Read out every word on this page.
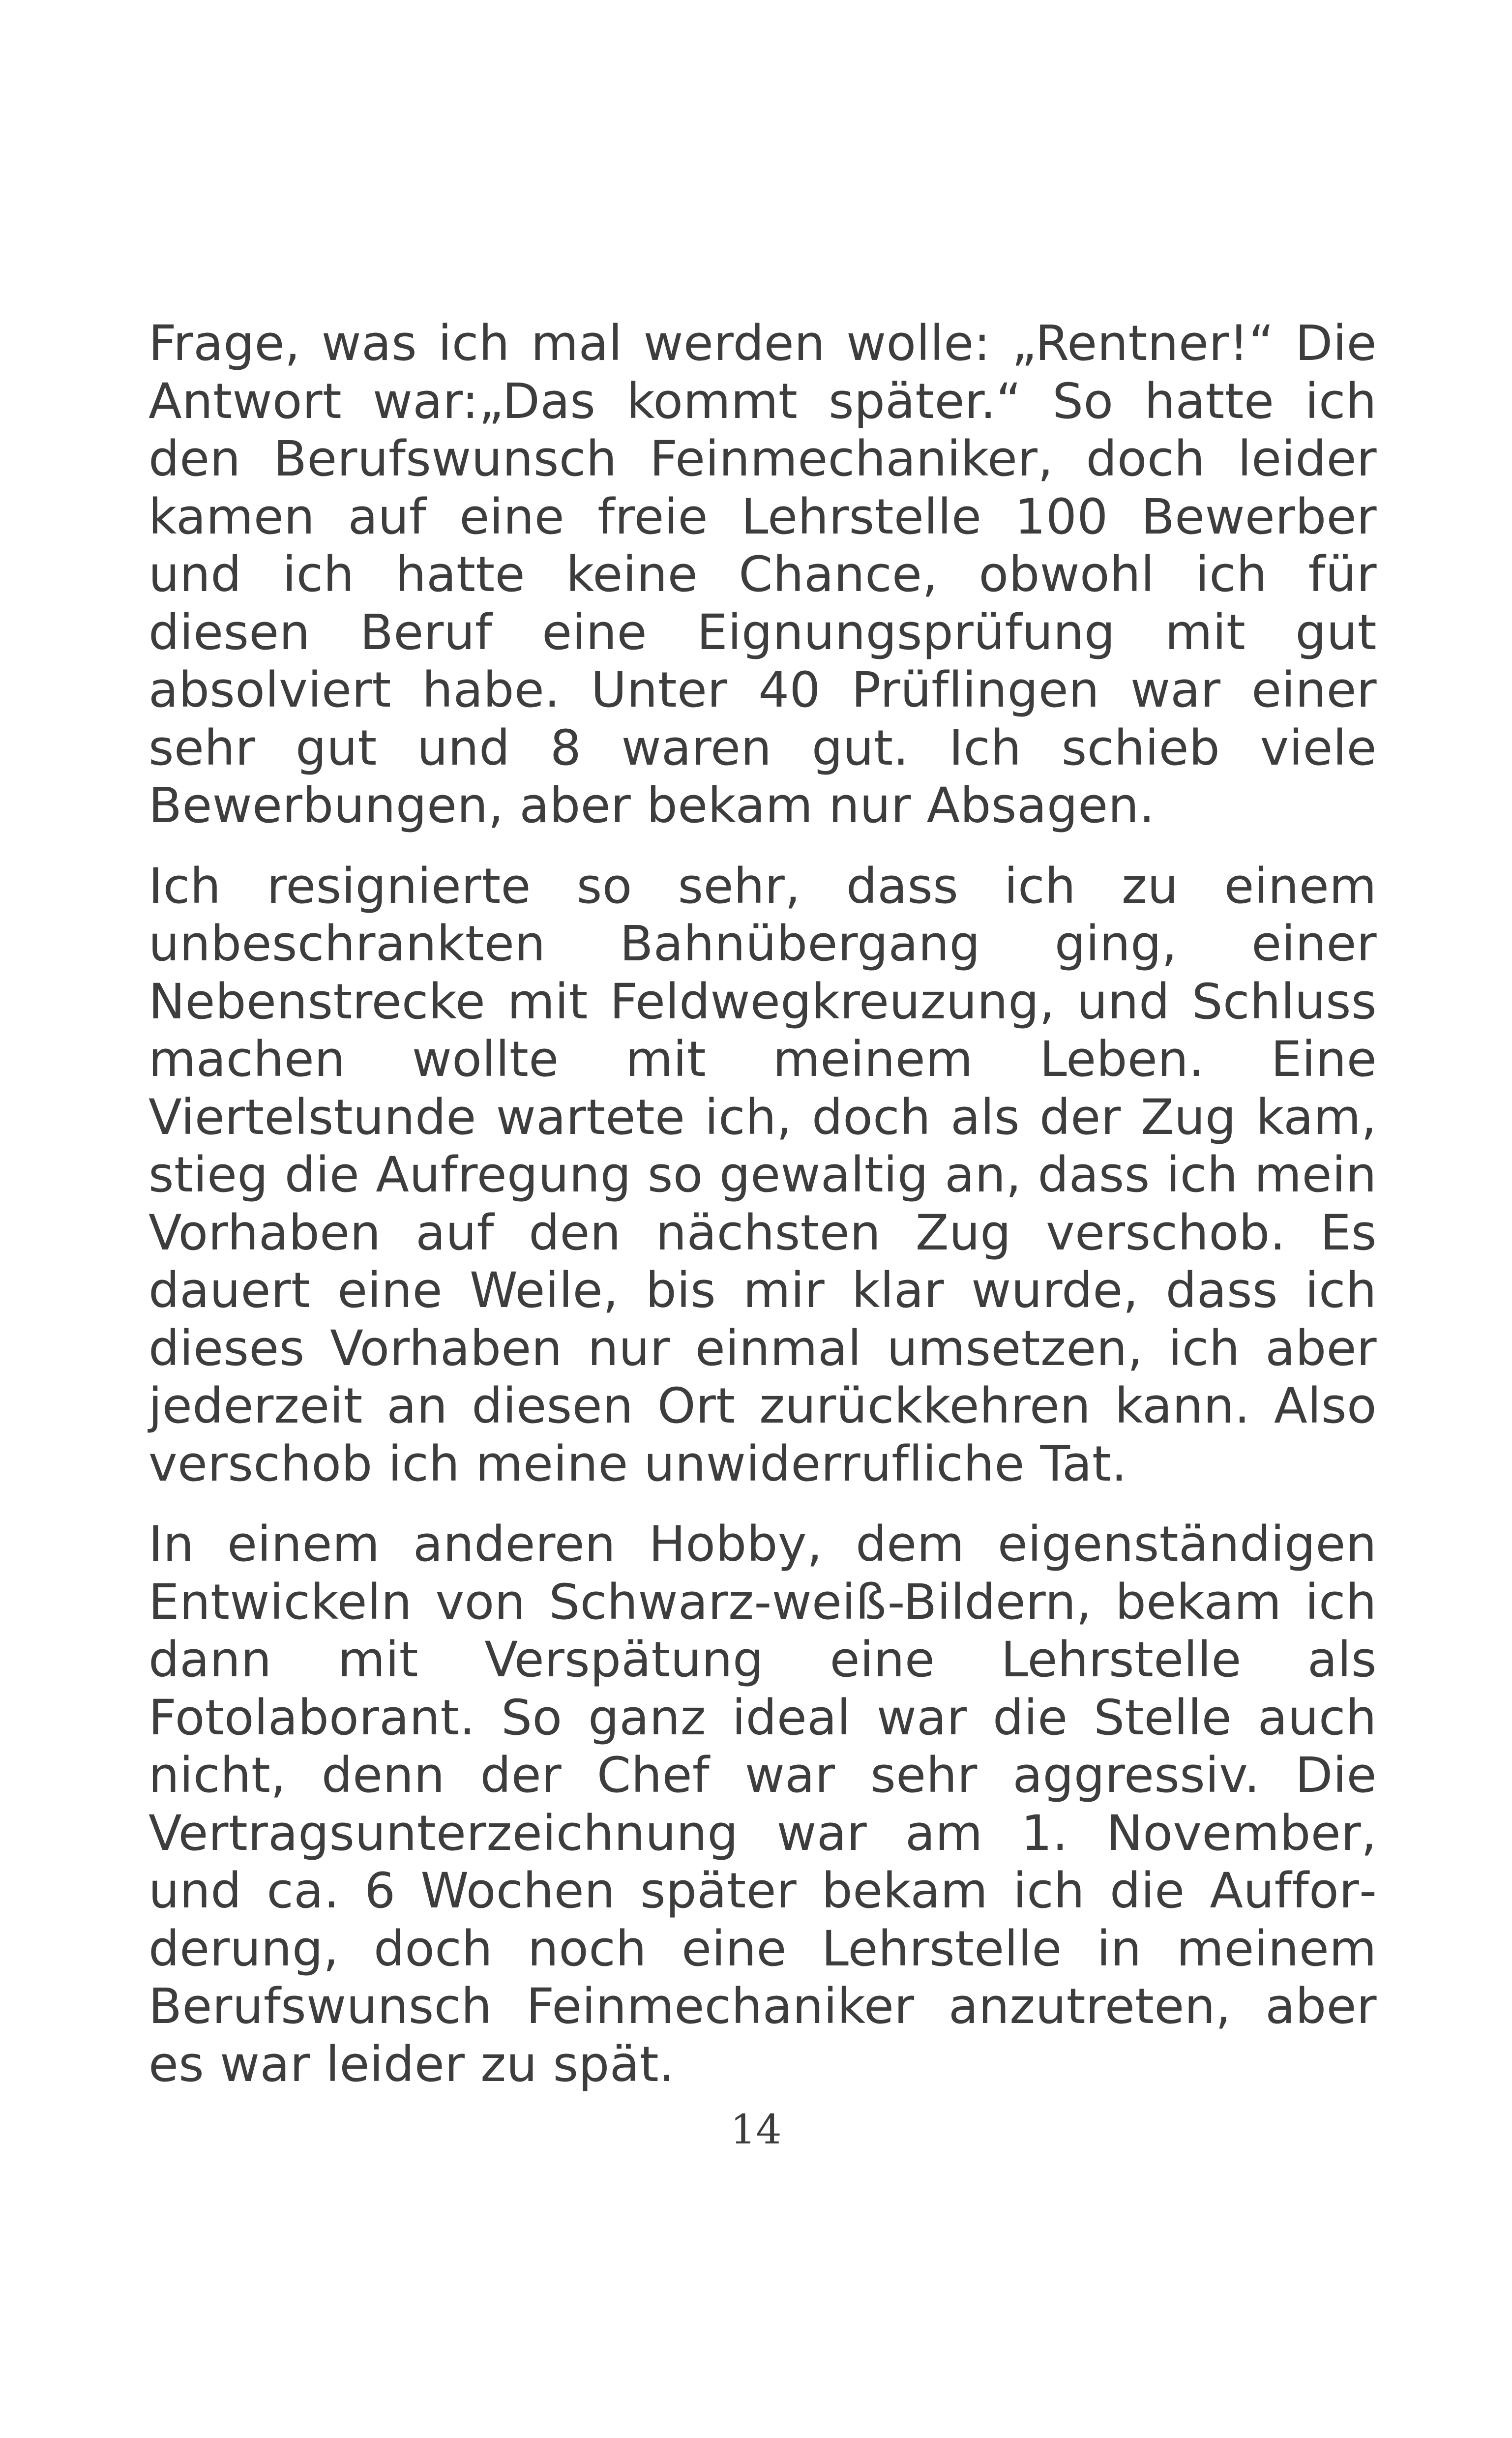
Frage, was ich mal werden wolle: „Rentner!“ Die Antwort war:„Das kommt später.“ So hatte ich den Berufswunsch Feinmechaniker, doch leider kamen auf eine freie Lehrstelle 100 Bewerber und ich hatte keine Chance, obwohl ich für diesen Beruf eine Eignungsprüfung mit gut absolviert habe. Unter 40 Prüflingen war einer sehr gut und 8 waren gut. Ich schieb viele Bewerbungen, aber bekam nur Absagen.

Ich resignierte so sehr, dass ich zu einem unbeschrankten Bahnübergang ging, einer Nebenstrecke mit Feldwegkreuzung, und Schluss machen wollte mit meinem Leben. Eine Viertelstunde wartete ich, doch als der Zug kam, stieg die Aufregung so gewaltig an, dass ich mein Vorhaben auf den nächsten Zug verschob. Es dauert eine Weile, bis mir klar wurde, dass ich dieses Vorhaben nur einmal umsetzen, ich aber jederzeit an diesen Ort zurückkehren kann. Also verschob ich meine unwiderrufliche Tat.

In einem anderen Hobby, dem eigenständigen Entwickeln von Schwarz-weiß-Bildern, bekam ich dann mit Verspätung eine Lehrstelle als Fotolaborant. So ganz ideal war die Stelle auch nicht, denn der Chef war sehr aggressiv. Die Vertragsunterzeichnung war am 1. November, und ca. 6 Wochen später bekam ich die Aufforderung, doch noch eine Lehrstelle in meinem Berufswunsch Feinmechaniker anzutreten, aber es war leider zu spät.

14
